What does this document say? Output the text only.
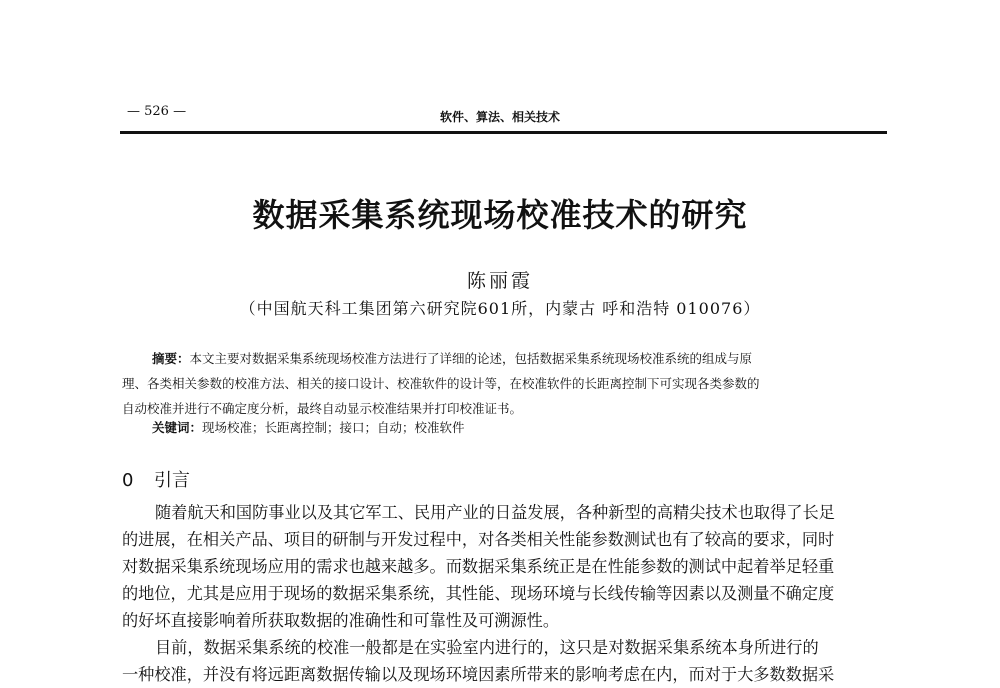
— 526 —	软件、算法、相关技术
数据采集系统现场校准技术的研究
陈丽霞
（中国航天科工集团第六研究院601所，内蒙古 呼和浩特 010076）
摘要：本文主要对数据采集系统现场校准方法进行了详细的论述，包括数据采集系统现场校准系统的组成与原
理、各类相关参数的校准方法、相关的接口设计、校准软件的设计等，在校准软件的长距离控制下可实现各类参数的
自动校准并进行不确定度分析，最终自动显示校准结果并打印校准证书。
关键词：现场校准；长距离控制；接口；自动；校准软件
0 引言
随着航天和国防事业以及其它军工、民用产业的日益发展，各种新型的高精尖技术也取得了长足
的进展，在相关产品、项目的研制与开发过程中，对各类相关性能参数测试也有了较高的要求，同时
对数据采集系统现场应用的需求也越来越多。而数据采集系统正是在性能参数的测试中起着举足轻重
的地位，尤其是应用于现场的数据采集系统，其性能、现场环境与长线传输等因素以及测量不确定度
的好坏直接影响着所获取数据的准确性和可靠性及可溯源性。
目前，数据采集系统的校准一般都是在实验室内进行的，这只是对数据采集系统本身所进行的
一种校准，并没有将远距离数据传输以及现场环境因素所带来的影响考虑在内，而对于大多数数据采
